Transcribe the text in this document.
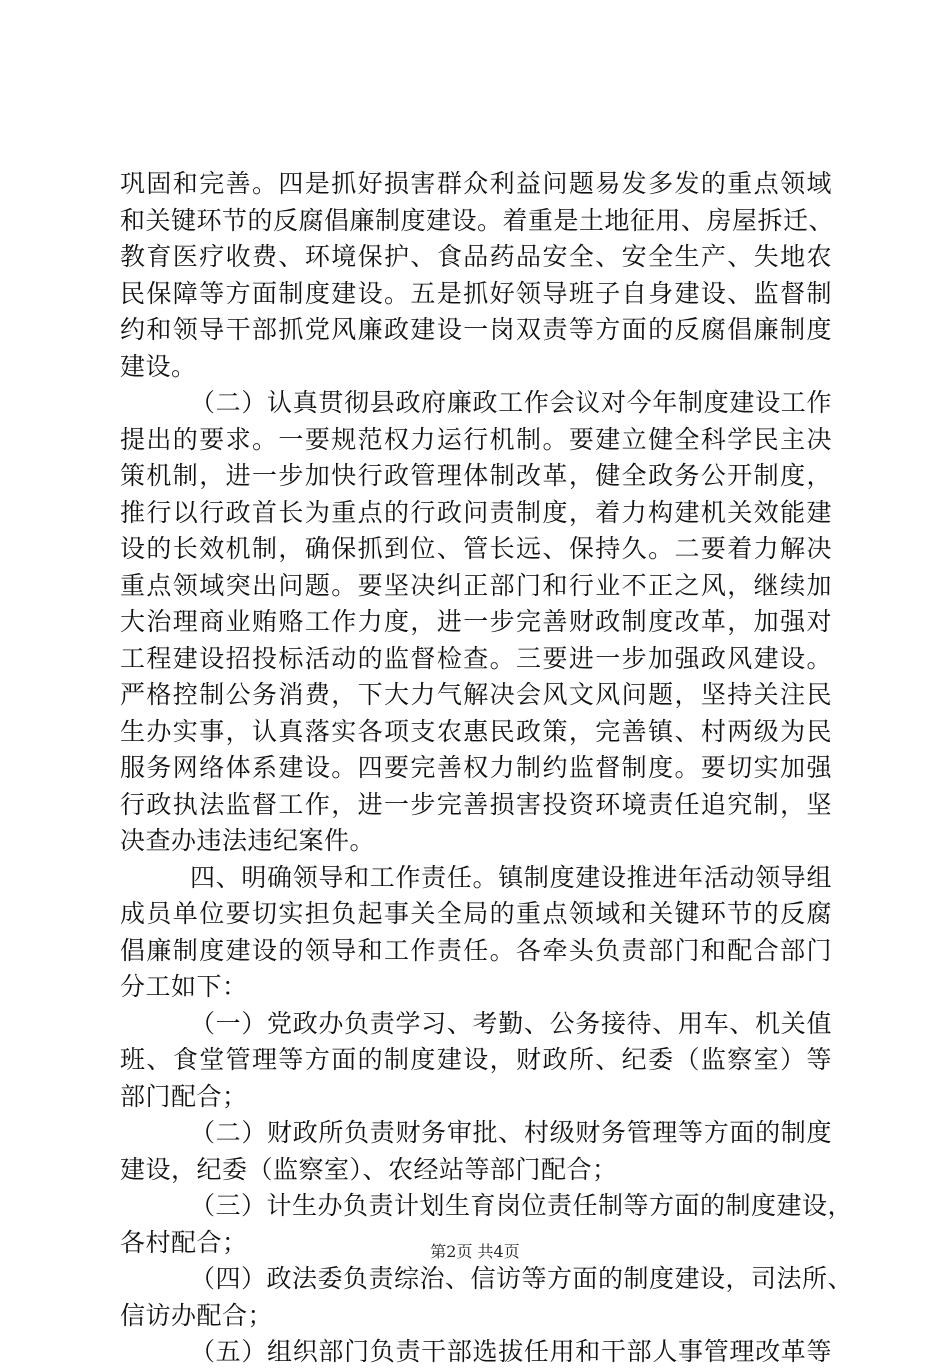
巩固和完善。四是抓好损害群众利益问题易发多发的重点领域
和关键环节的反腐倡廉制度建设。着重是土地征用、房屋拆迁、
教育医疗收费、环境保护、食品药品安全、安全生产、失地农
民保障等方面制度建设。五是抓好领导班子自身建设、监督制
约和领导干部抓党风廉政建设一岗双责等方面的反腐倡廉制度
建设。
（二）认真贯彻县政府廉政工作会议对今年制度建设工作
提出的要求。一要规范权力运行机制。要建立健全科学民主决
策机制，进一步加快行政管理体制改革，健全政务公开制度，
推行以行政首长为重点的行政问责制度，着力构建机关效能建
设的长效机制，确保抓到位、管长远、保持久。二要着力解决
重点领域突出问题。要坚决纠正部门和行业不正之风，继续加
大治理商业贿赂工作力度，进一步完善财政制度改革，加强对
工程建设招投标活动的监督检查。三要进一步加强政风建设。
严格控制公务消费，下大力气解决会风文风问题，坚持关注民
生办实事，认真落实各项支农惠民政策，完善镇、村两级为民
服务网络体系建设。四要完善权力制约监督制度。要切实加强
行政执法监督工作，进一步完善损害投资环境责任追究制，坚
决查办违法违纪案件。
四、明确领导和工作责任。镇制度建设推进年活动领导组
成员单位要切实担负起事关全局的重点领域和关键环节的反腐
倡廉制度建设的领导和工作责任。各牵头负责部门和配合部门
分工如下：
（一）党政办负责学习、考勤、公务接待、用车、机关值
班、食堂管理等方面的制度建设，财政所、纪委（监察室）等
部门配合；
（二）财政所负责财务审批、村级财务管理等方面的制度
建设，纪委（监察室）、农经站等部门配合；
（三）计生办负责计划生育岗位责任制等方面的制度建设，
各村配合；
（四）政法委负责综治、信访等方面的制度建设，司法所、
信访办配合；
（五）组织部门负责干部选拔任用和干部人事管理改革等
第2页 共4页
